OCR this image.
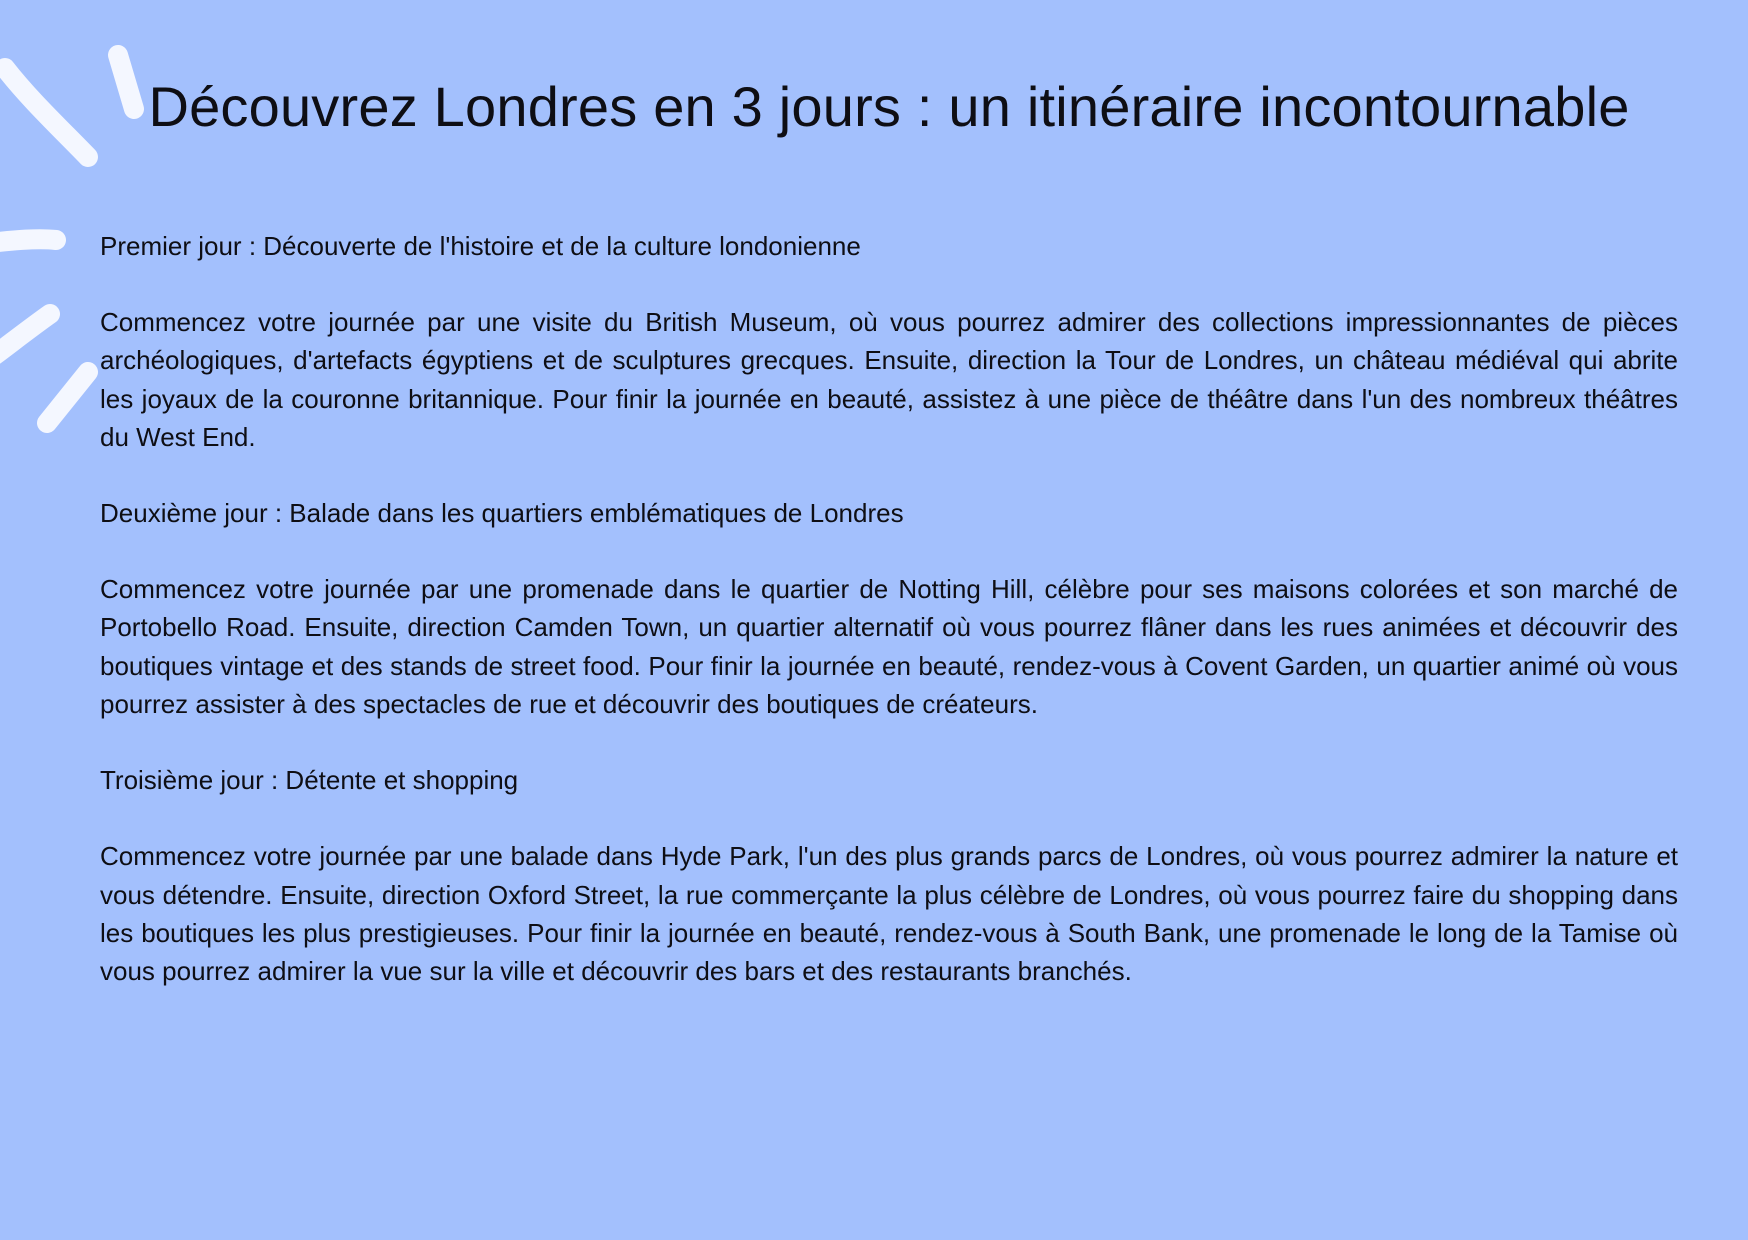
Découvrez Londres en 3 jours : un itinéraire incontournable

Premier jour : Découverte de l'histoire et de la culture londonienne

Commencez votre journée par une visite du British Museum, où vous pourrez admirer des collections impressionnantes de pièces archéologiques, d'artefacts égyptiens et de sculptures grecques. Ensuite, direction la Tour de Londres, un château médiéval qui abrite les joyaux de la couronne britannique. Pour finir la journée en beauté, assistez à une pièce de théâtre dans l'un des nombreux théâtres du West End.

Deuxième jour : Balade dans les quartiers emblématiques de Londres

Commencez votre journée par une promenade dans le quartier de Notting Hill, célèbre pour ses maisons colorées et son marché de Portobello Road. Ensuite, direction Camden Town, un quartier alternatif où vous pourrez flâner dans les rues animées et découvrir des boutiques vintage et des stands de street food. Pour finir la journée en beauté, rendez-vous à Covent Garden, un quartier animé où vous pourrez assister à des spectacles de rue et découvrir des boutiques de créateurs.

Troisième jour : Détente et shopping

Commencez votre journée par une balade dans Hyde Park, l'un des plus grands parcs de Londres, où vous pourrez admirer la nature et vous détendre. Ensuite, direction Oxford Street, la rue commerçante la plus célèbre de Londres, où vous pourrez faire du shopping dans les boutiques les plus prestigieuses. Pour finir la journée en beauté, rendez-vous à South Bank, une promenade le long de la Tamise où vous pourrez admirer la vue sur la ville et découvrir des bars et des restaurants branchés.
